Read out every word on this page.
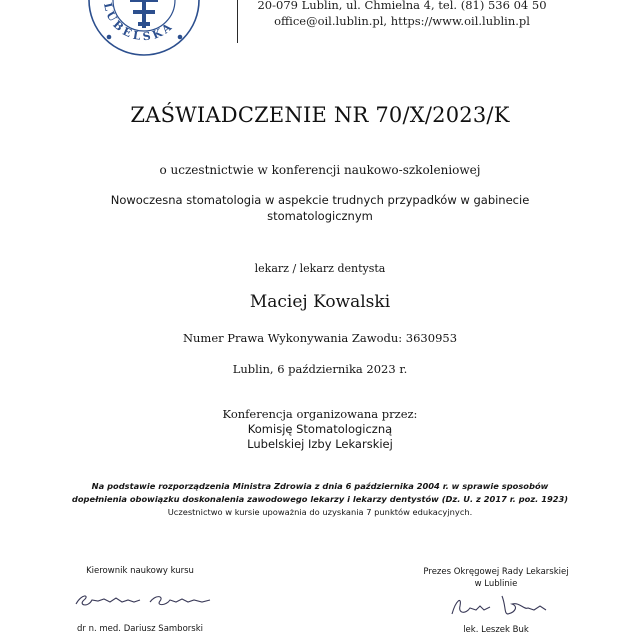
LUBELSKA
20-079 Lublin, ul. Chmielna 4, tel. (81) 536 04 50
office@oil.lublin.pl, https://www.oil.lublin.pl
ZAŚWIADCZENIE NR 70/X/2023/K
o uczestnictwie w konferencji naukowo-szkoleniowej
Nowoczesna stomatologia w aspekcie trudnych przypadków w gabinecie
stomatologicznym
lekarz / lekarz dentysta
Maciej Kowalski
Numer Prawa Wykonywania Zawodu: 3630953
Lublin, 6 października 2023 r.
Konferencja organizowana przez:
Komisję Stomatologiczną
Lubelskiej Izby Lekarskiej
Na podstawie rozporządzenia Ministra Zdrowia z dnia 6 października 2004 r. w sprawie sposobów
dopełnienia obowiązku doskonalenia zawodowego lekarzy i lekarzy dentystów (Dz. U. z 2017 r. poz. 1923)
Uczestnictwo w kursie upoważnia do uzyskania 7 punktów edukacyjnych.
Kierownik naukowy kursu
dr n. med. Dariusz Samborski
Prezes Okręgowej Rady Lekarskiej
w Lublinie
lek. Leszek Buk
